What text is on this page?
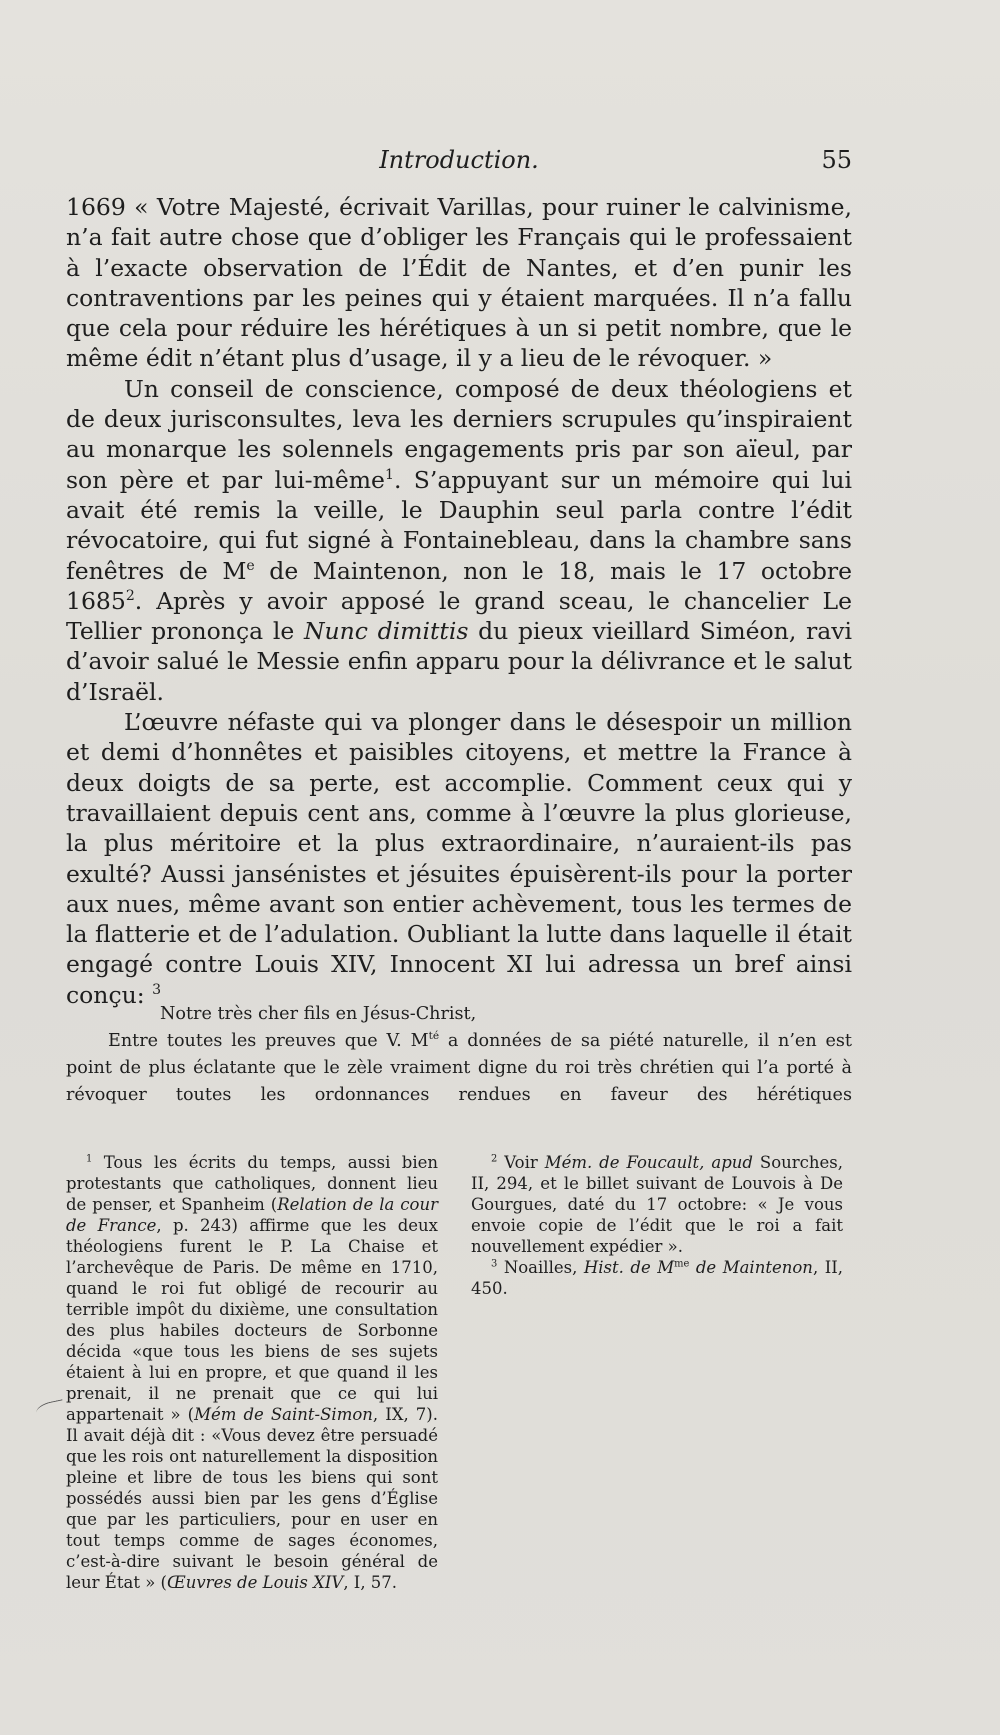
Introduction.	55

1669 « Votre Majesté, écrivait Varillas, pour ruiner le calvinisme, n’a fait autre chose que d’obliger les Français qui le professaient à l’exacte observation de l’Édit de Nantes, et d’en punir les contraventions par les peines qui y étaient marquées. Il n’a fallu que cela pour réduire les hérétiques à un si petit nombre, que le même édit n’étant plus d’usage, il y a lieu de le révoquer. »

Un conseil de conscience, composé de deux théologiens et de deux jurisconsultes, leva les derniers scrupules qu’inspiraient au monarque les solennels engagements pris par son aïeul, par son père et par lui-même$^1$. S’appuyant sur un mémoire qui lui avait été remis la veille, le Dauphin seul parla contre l’édit révocatoire, qui fut signé à Fontainebleau, dans la chambre sans fenêtres de Me de Maintenon, non le 18, mais le 17 octobre 1685$^2$. Après y avoir apposé le grand sceau, le chancelier Le Tellier prononça le Nunc dimittis du pieux vieillard Siméon, ravi d’avoir salué le Messie enfin apparu pour la délivrance et le salut d’Israël.

L’œuvre néfaste qui va plonger dans le désespoir un million et demi d’honnêtes et paisibles citoyens, et mettre la France à deux doigts de sa perte, est accomplie. Comment ceux qui y travaillaient depuis cent ans, comme à l’œuvre la plus glorieuse, la plus méritoire et la plus extraordinaire, n’auraient-ils pas exulté? Aussi jansénistes et jésuites épuisèrent-ils pour la porter aux nues, même avant son entier achèvement, tous les termes de la flatterie et de l’adulation. Oubliant la lutte dans laquelle il était engagé contre Louis XIV, Innocent XI lui adressa un bref ainsi conçu: $^3$

Notre très cher fils en Jésus-Christ,

Entre toutes les preuves que V. $M^{té}$ a données de sa piété naturelle, il n’en est point de plus éclatante que le zèle vraiment digne du roi très chrétien qui l’a porté à révoquer toutes les ordonnances rendues en faveur des hérétiques

$^1$ Tous les écrits du temps, aussi bien protestants que catholiques, donnent lieu de penser, et Spanheim (Relation de la cour de France, p. 243) affirme que les deux théologiens furent le P. La Chaise et l’archevêque de Paris. De même en 1710, quand le roi fut obligé de recourir au terrible impôt du dixième, une consultation des plus habiles docteurs de Sorbonne décida «que tous les biens de ses sujets étaient à lui en propre, et que quand il les prenait, il ne prenait que ce qui lui appartenait » (Mém de Saint-Simon, IX, 7). Il avait déjà dit : «Vous devez être persuadé que les rois ont naturellement la disposition pleine et libre de tous les biens qui sont possédés aussi bien par les gens d’Église que par les particuliers, pour en user en tout temps comme de sages économes, c’est-à-dire suivant le besoin général de leur État » (Œuvres de Louis XIV, I, 57.

$^2$ Voir Mém. de Foucault, apud Sourches, II, 294, et le billet suivant de Louvois à De Gourgues, daté du 17 octobre: « Je vous envoie copie de l’édit que le roi a fait nouvellement expédier ».

$^3$ Noailles, Hist. de $M^{me}$ de Maintenon, II, 450.
